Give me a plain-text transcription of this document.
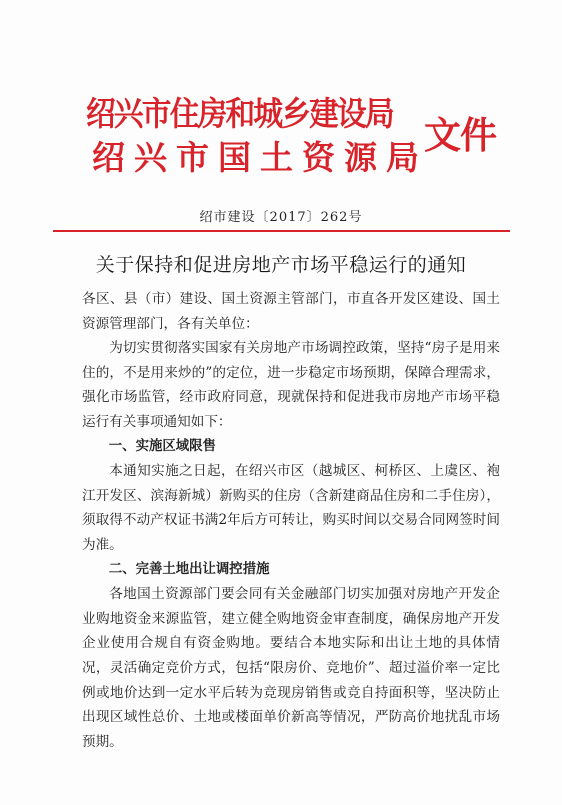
绍兴市住房和城乡建设局
绍兴市国土资源局
文件
绍市建设〔2017〕262号
关于保持和促进房地产市场平稳运行的通知

各区、县（市）建设、国土资源主管部门，市直各开发区建设、国土资源管理部门，各有关单位：

为切实贯彻落实国家有关房地产市场调控政策，坚持“房子是用来住的，不是用来炒的”的定位，进一步稳定市场预期，保障合理需求，强化市场监管，经市政府同意，现就保持和促进我市房地产市场平稳运行有关事项通知如下：

一、实施区域限售

本通知实施之日起，在绍兴市区（越城区、柯桥区、上虞区、袍江开发区、滨海新城）新购买的住房（含新建商品住房和二手住房），须取得不动产权证书满2年后方可转让，购买时间以交易合同网签时间为准。

二、完善土地出让调控措施

各地国土资源部门要会同有关金融部门切实加强对房地产开发企业购地资金来源监管，建立健全购地资金审查制度，确保房地产开发企业使用合规自有资金购地。要结合本地实际和出让土地的具体情况，灵活确定竞价方式，包括“限房价、竞地价”、超过溢价率一定比例或地价达到一定水平后转为竞现房销售或竞自持面积等，坚决防止出现区域性总价、土地或楼面单价新高等情况，严防高价地扰乱市场预期。
